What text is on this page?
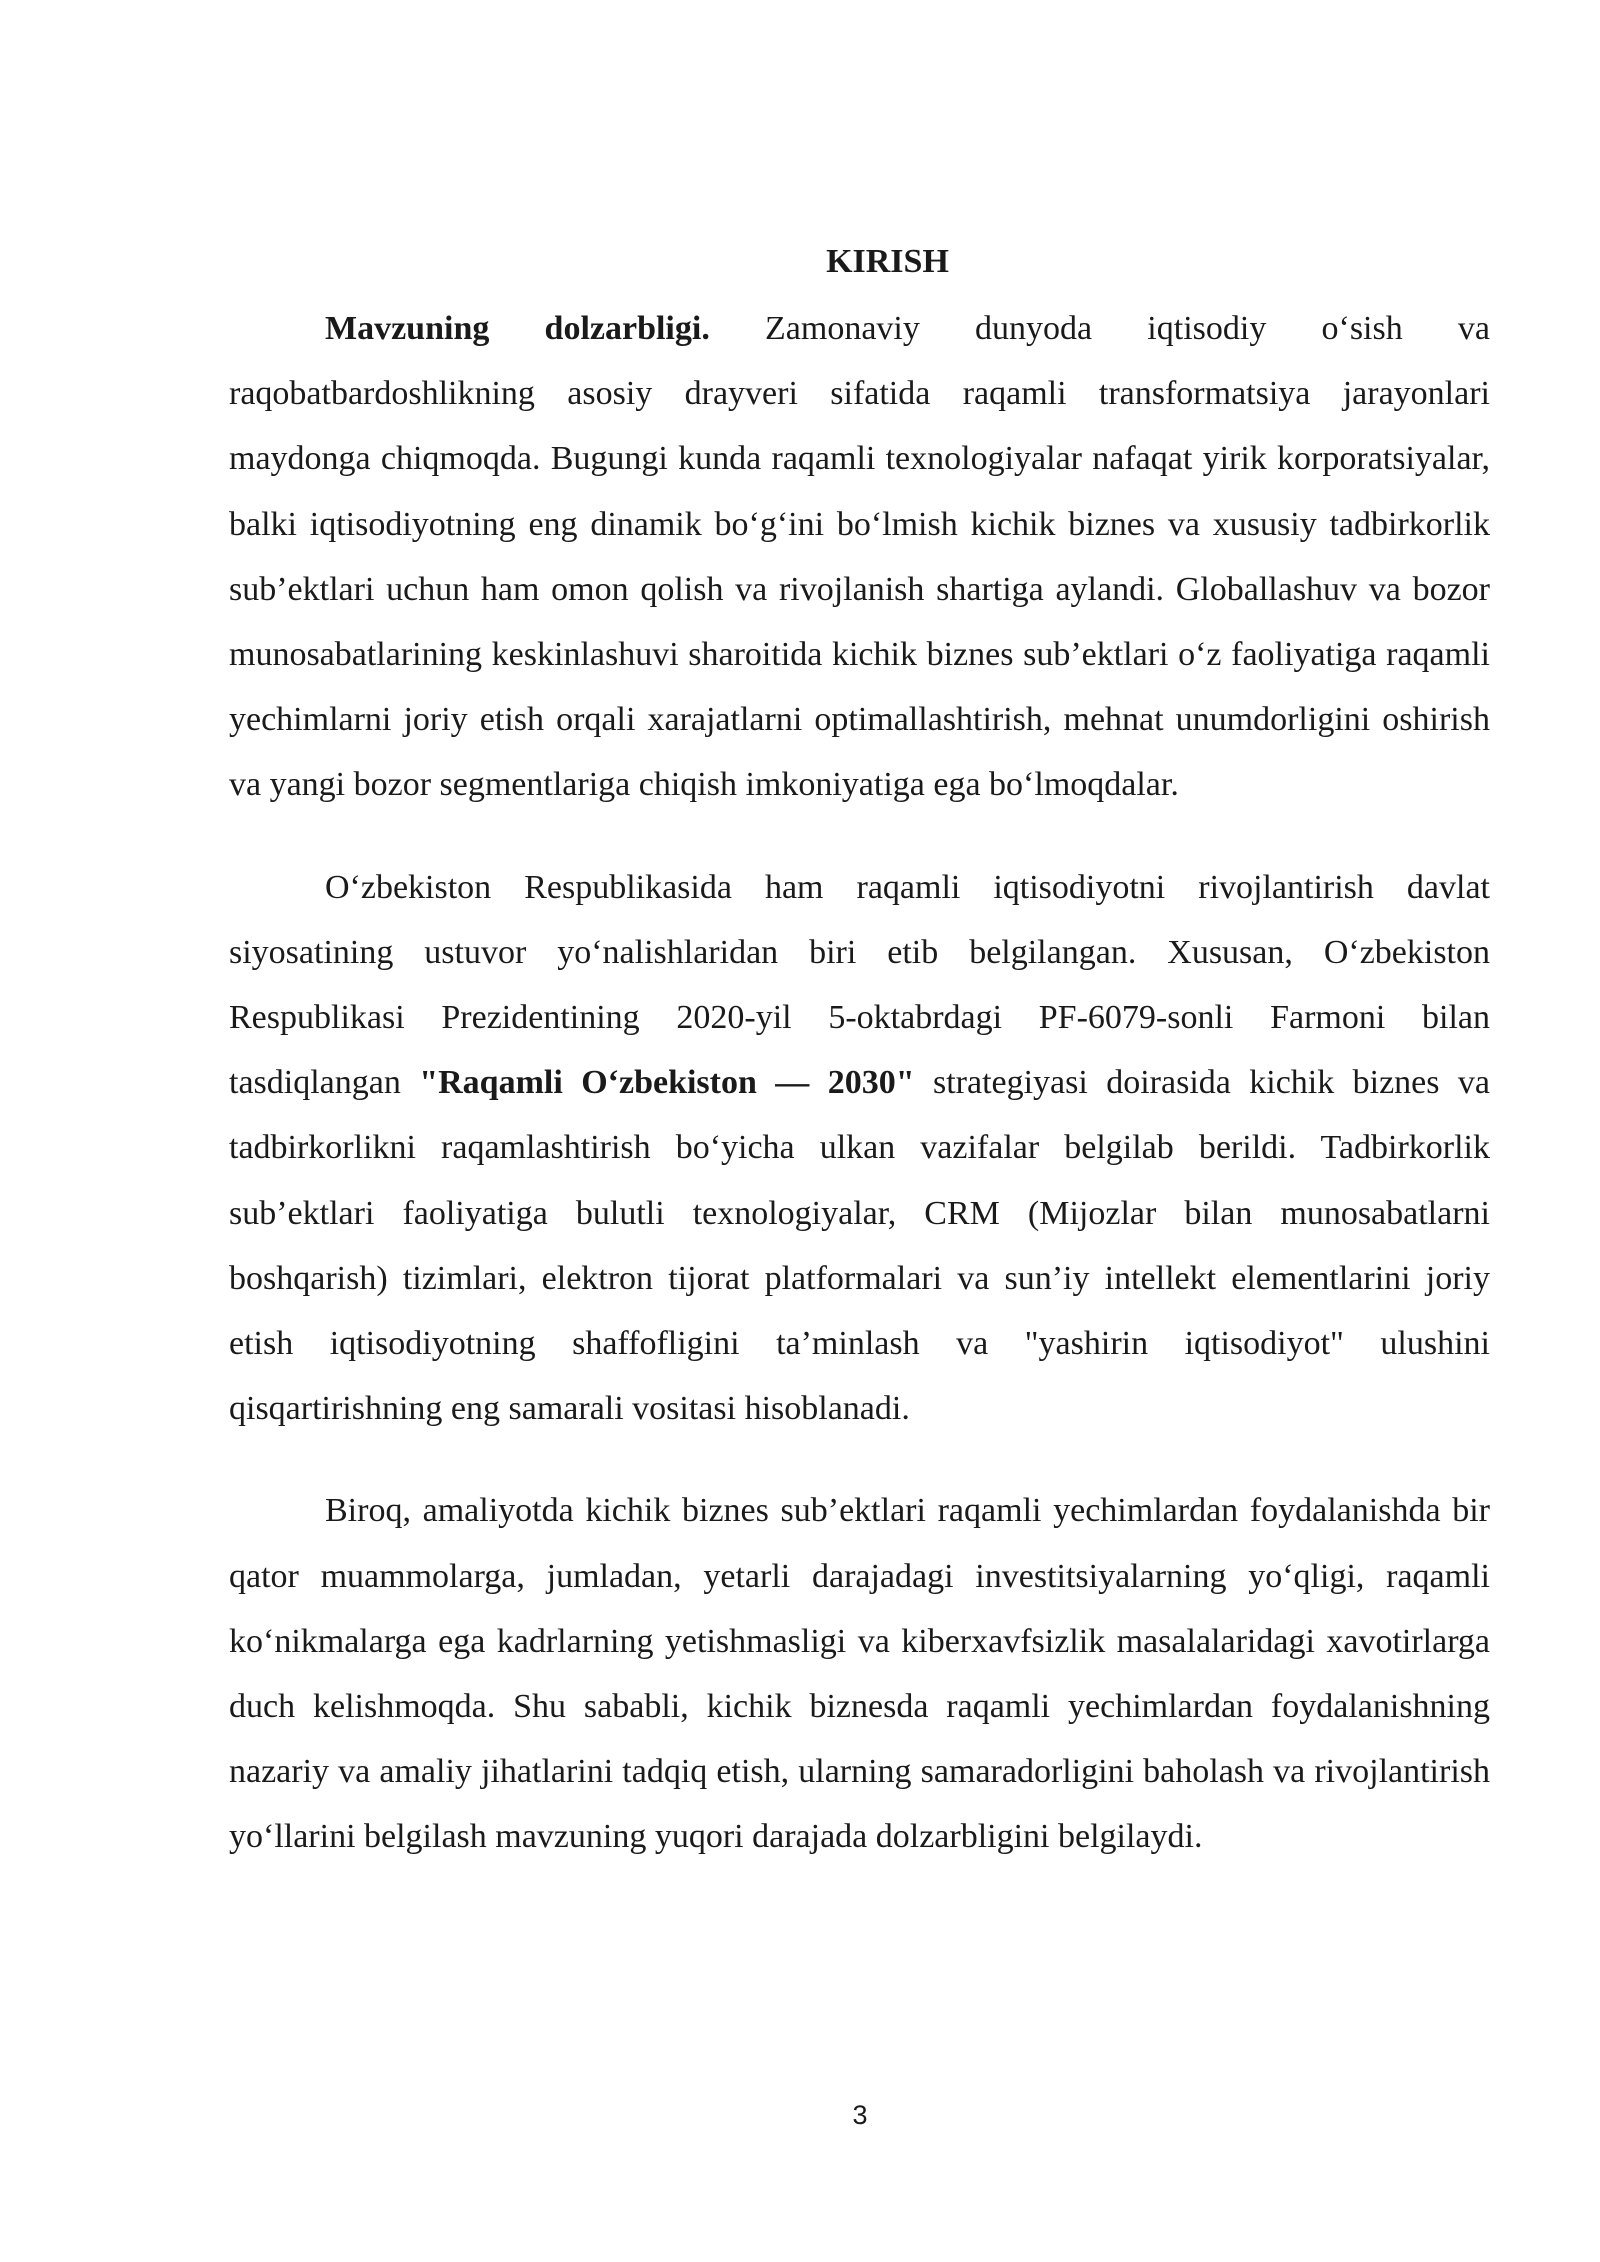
KIRISH

Mavzuning dolzarbligi. Zamonaviy dunyoda iqtisodiy o‘sish va raqobatbardoshlikning asosiy drayveri sifatida raqamli transformatsiya jarayonlari maydonga chiqmoqda. Bugungi kunda raqamli texnologiyalar nafaqat yirik korporatsiyalar, balki iqtisodiyotning eng dinamik bo‘g‘ini bo‘lmish kichik biznes va xususiy tadbirkorlik sub’ektlari uchun ham omon qolish va rivojlanish shartiga aylandi. Globallashuv va bozor munosabatlarining keskinlashuvi sharoitida kichik biznes sub’ektlari o‘z faoliyatiga raqamli yechimlarni joriy etish orqali xarajatlarni optimallashtirish, mehnat unumdorligini oshirish va yangi bozor segmentlariga chiqish imkoniyatiga ega bo‘lmoqdalar.

O‘zbekiston Respublikasida ham raqamli iqtisodiyotni rivojlantirish davlat siyosatining ustuvor yo‘nalishlaridan biri etib belgilangan. Xususan, O‘zbekiston Respublikasi Prezidentining 2020-yil 5-oktabrdagi PF-6079-sonli Farmoni bilan tasdiqlangan "Raqamli O‘zbekiston — 2030" strategiyasi doirasida kichik biznes va tadbirkorlikni raqamlashtirish bo‘yicha ulkan vazifalar belgilab berildi. Tadbirkorlik sub’ektlari faoliyatiga bulutli texnologiyalar, CRM (Mijozlar bilan munosabatlarni boshqarish) tizimlari, elektron tijorat platformalari va sun’iy intellekt elementlarini joriy etish iqtisodiyotning shaffofligini ta’minlash va "yashirin iqtisodiyot" ulushini qisqartirishning eng samarali vositasi hisoblanadi.

Biroq, amaliyotda kichik biznes sub’ektlari raqamli yechimlardan foydalanishda bir qator muammolarga, jumladan, yetarli darajadagi investitsiyalarning yo‘qligi, raqamli ko‘nikmalarga ega kadrlarning yetishmasligi va kiberxavfsizlik masalalaridagi xavotirlarga duch kelishmoqda. Shu sababli, kichik biznesda raqamli yechimlardan foydalanishning nazariy va amaliy jihatlarini tadqiq etish, ularning samaradorligini baholash va rivojlantirish yo‘llarini belgilash mavzuning yuqori darajada dolzarbligini belgilaydi.

3
